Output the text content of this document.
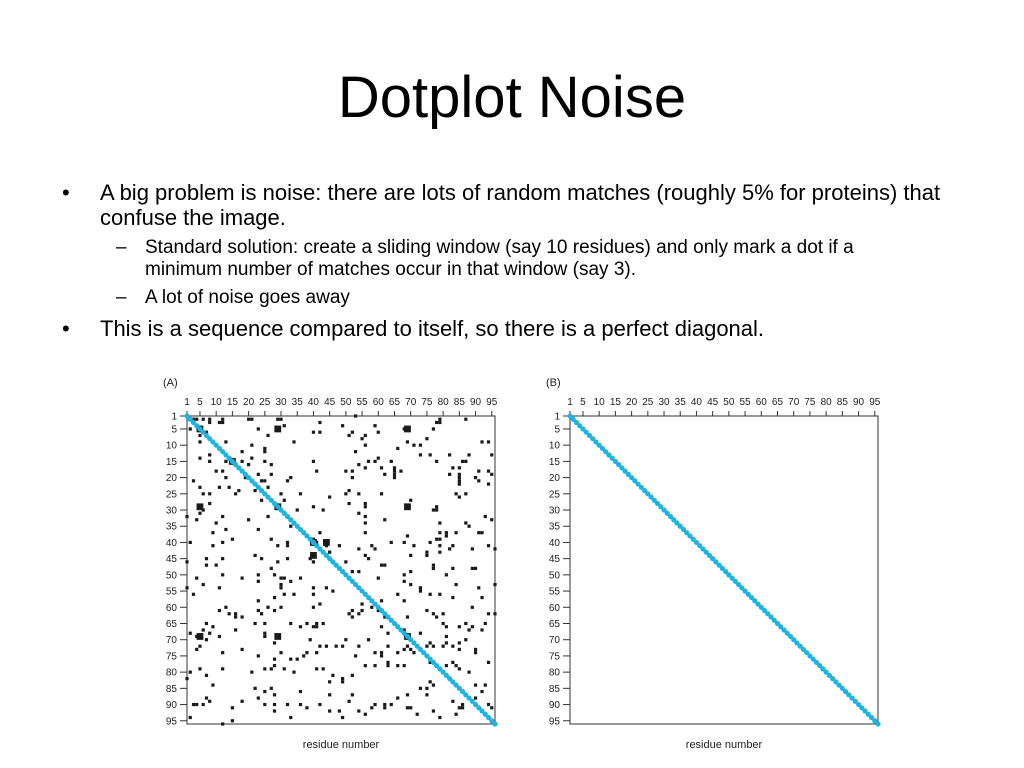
Dotplot Noise
•	A big problem is noise: there are lots of random matches (roughly 5% for proteins) that confuse the image.
– Standard solution: create a sliding window (say 10 residues) and only mark a dot if a minimum number of matches occur in that window (say 3).
– A lot of noise goes away
•	This is a sequence compared to itself, so there is a perfect diagonal.
(A)
1 5 10 15 20 25 30 35 40 45 50 55 60 65 70 75 80 85 90 95
1
5
10
15
20
25
30
35
40
45
50
55
60
65
70
75
80
85
90
95
residue number
(B)
1 5 10 15 20 25 30 35 40 45 50 55 60 65 70 75 80 85 90 95
1
5
10
15
20
25
30
35
40
45
50
55
60
65
70
75
80
85
90
95
residue number
